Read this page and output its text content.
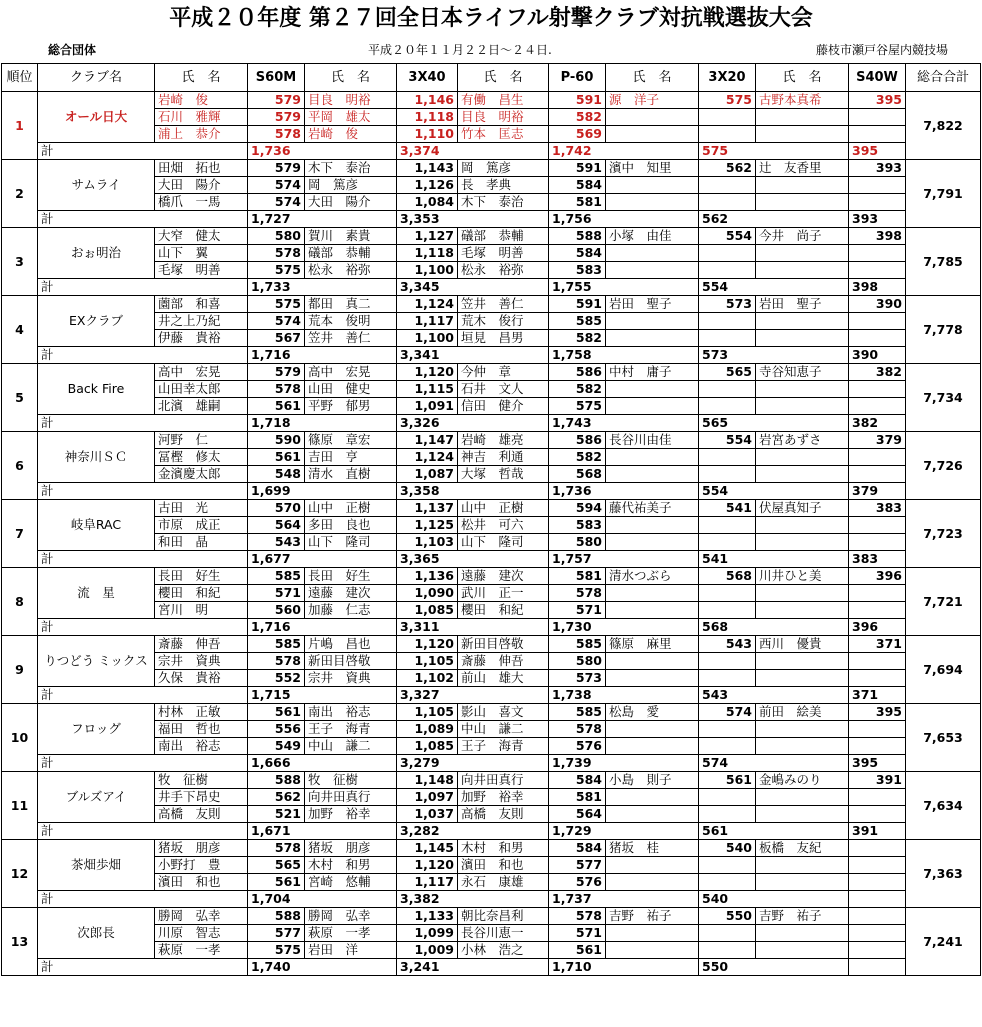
平成２０年度 第２７回全日本ライフル射撃クラブ対抗戦選抜大会
総合団体	平成２０年１１月２２日～２４日.	藤枝市瀬戸谷屋内競技場
順位	クラブ名	氏　名	S60M	氏　名	3X40	氏　名	P-60	氏　名	3X20	氏　名	S40W	総合合計
1	オール日大	岩崎　俊	579	目良　明裕	1,146	有働　昌生	591	源　洋子	575	古野本真希	395	7,822
		石川　雅輝	579	平岡　雄太	1,118	目良　明裕	582					
		浦上　恭介	578	岩崎　俊	1,110	竹本　匡志	569					
	計		1,736		3,374		1,742		575		395	
2	サムライ	田畑　拓也	579	木下　泰治	1,143	岡　篤彦	591	濱中　知里	562	辻　友香里	393	7,791
		大田　陽介	574	岡　篤彦	1,126	長　孝典	584					
		橋爪　一馬	574	大田　陽介	1,084	木下　泰治	581					
	計		1,727		3,353		1,756		562		393	
3	おぉ明治	大窄　健太	580	賀川　素貴	1,127	礒部　恭輔	588	小塚　由佳	554	今井　尚子	398	7,785
		山下　翼	578	礒部　恭輔	1,118	毛塚　明善	584					
		毛塚　明善	575	松永　裕弥	1,100	松永　裕弥	583					
	計		1,733		3,345		1,755		554		398	
4	EXクラブ	薗部　和喜	575	都田　真二	1,124	笠井　善仁	591	岩田　聖子	573	岩田　聖子	390	7,778
		井之上乃紀	574	荒本　俊明	1,117	荒木　俊行	585					
		伊藤　貴裕	567	笠井　善仁	1,100	垣見　昌男	582					
	計		1,716		3,341		1,758		573		390	
5	Back Fire	高中　宏晃	579	高中　宏晃	1,120	今仲　章	586	中村　庸子	565	寺谷知恵子	382	7,734
		山田幸太郎	578	山田　健史	1,115	石井　文人	582					
		北濱　雄嗣	561	平野　郁男	1,091	信田　健介	575					
	計		1,718		3,326		1,743		565		382	
6	神奈川ＳＣ	河野　仁	590	篠原　章宏	1,147	岩崎　雄亮	586	長谷川由佳	554	岩宮あずさ	379	7,726
		冨樫　修太	561	吉田　亨	1,124	神吉　利通	582					
		金濱慶太郎	548	清水　直樹	1,087	大塚　哲哉	568					
	計		1,699		3,358		1,736		554		379	
7	岐阜RAC	古田　光	570	山中　正樹	1,137	山中　正樹	594	藤代祐美子	541	伏屋真知子	383	7,723
		市原　成正	564	多田　良也	1,125	松井　可六	583					
		和田　晶	543	山下　隆司	1,103	山下　隆司	580					
	計		1,677		3,365		1,757		541		383	
8	流　星	長田　好生	585	長田　好生	1,136	遠藤　建次	581	清水つぶら	568	川井ひと美	396	7,721
		櫻田　和紀	571	遠藤　建次	1,090	武川　正一	578					
		宮川　明	560	加藤　仁志	1,085	櫻田　和紀	571					
	計		1,716		3,311		1,730		568		396	
9	りつどう ミックス	斎藤　伸吾	585	片嶋　昌也	1,120	新田目啓敬	585	篠原　麻里	543	西川　優貴	371	7,694
		宗井　資典	578	新田目啓敬	1,105	斎藤　伸吾	580					
		久保　貴裕	552	宗井　資典	1,102	前山　雄大	573					
	計		1,715		3,327		1,738		543		371	
10	フロッグ	村林　正敏	561	南出　裕志	1,105	影山　喜文	585	松島　愛	574	前田　絵美	395	7,653
		福田　哲也	556	王子　海青	1,089	中山　謙二	578					
		南出　裕志	549	中山　謙二	1,085	王子　海青	576					
	計		1,666		3,279		1,739		574		395	
11	ブルズアイ	牧　征樹	588	牧　征樹	1,148	向井田真行	584	小島　則子	561	金嶋みのり	391	7,634
		井手下昂史	562	向井田真行	1,097	加野　裕幸	581					
		高橋　友則	521	加野　裕幸	1,037	高橋　友則	564					
	計		1,671		3,282		1,729		561		391	
12	茶畑歩畑	猪坂　朋彦	578	猪坂　朋彦	1,145	木村　和男	584	猪坂　桂	540	板橋　友紀		7,363
		小野打　豊	565	木村　和男	1,120	濱田　和也	577					
		濱田　和也	561	宮崎　悠輔	1,117	永石　康雄	576					
	計		1,704		3,382		1,737		540			
13	次郎長	勝岡　弘幸	588	勝岡　弘幸	1,133	朝比奈昌利	578	吉野　祐子	550	吉野　祐子		7,241
		川原　智志	577	萩原　一孝	1,099	長谷川恵一	571					
		萩原　一孝	575	岩田　洋	1,009	小林　浩之	561					
	計		1,740		3,241		1,710		550			
